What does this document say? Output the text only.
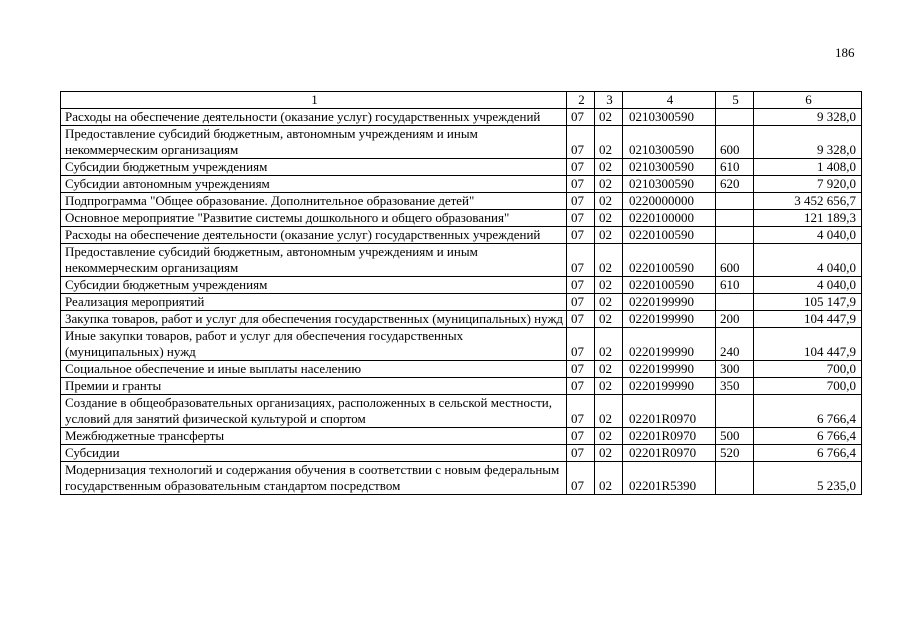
186
1	2	3	4	5	6
Расходы на обеспечение деятельности (оказание услуг) государственных учреждений	07	02	0210300590		9 328,0
Предоставление субсидий бюджетным, автономным учреждениям и иным некоммерческим организациям	07	02	0210300590	600	9 328,0
Субсидии бюджетным учреждениям	07	02	0210300590	610	1 408,0
Субсидии автономным учреждениям	07	02	0210300590	620	7 920,0
Подпрограмма "Общее образование. Дополнительное образование детей"	07	02	0220000000		3 452 656,7
Основное мероприятие "Развитие системы дошкольного и общего образования"	07	02	0220100000		121 189,3
Расходы на обеспечение деятельности (оказание услуг) государственных учреждений	07	02	0220100590		4 040,0
Предоставление субсидий бюджетным, автономным учреждениям и иным некоммерческим организациям	07	02	0220100590	600	4 040,0
Субсидии бюджетным учреждениям	07	02	0220100590	610	4 040,0
Реализация мероприятий	07	02	0220199990		105 147,9
Закупка товаров, работ и услуг для обеспечения государственных (муниципальных) нужд	07	02	0220199990	200	104 447,9
Иные закупки товаров, работ и услуг для обеспечения государственных (муниципальных) нужд	07	02	0220199990	240	104 447,9
Социальное обеспечение и иные выплаты населению	07	02	0220199990	300	700,0
Премии и гранты	07	02	0220199990	350	700,0
Создание в общеобразовательных организациях, расположенных в сельской местности, условий для занятий физической культурой и спортом	07	02	02201R0970		6 766,4
Межбюджетные трансферты	07	02	02201R0970	500	6 766,4
Субсидии	07	02	02201R0970	520	6 766,4
Модернизация технологий и содержания обучения в соответствии с новым федеральным государственным образовательным стандартом посредством	07	02	02201R5390		5 235,0
